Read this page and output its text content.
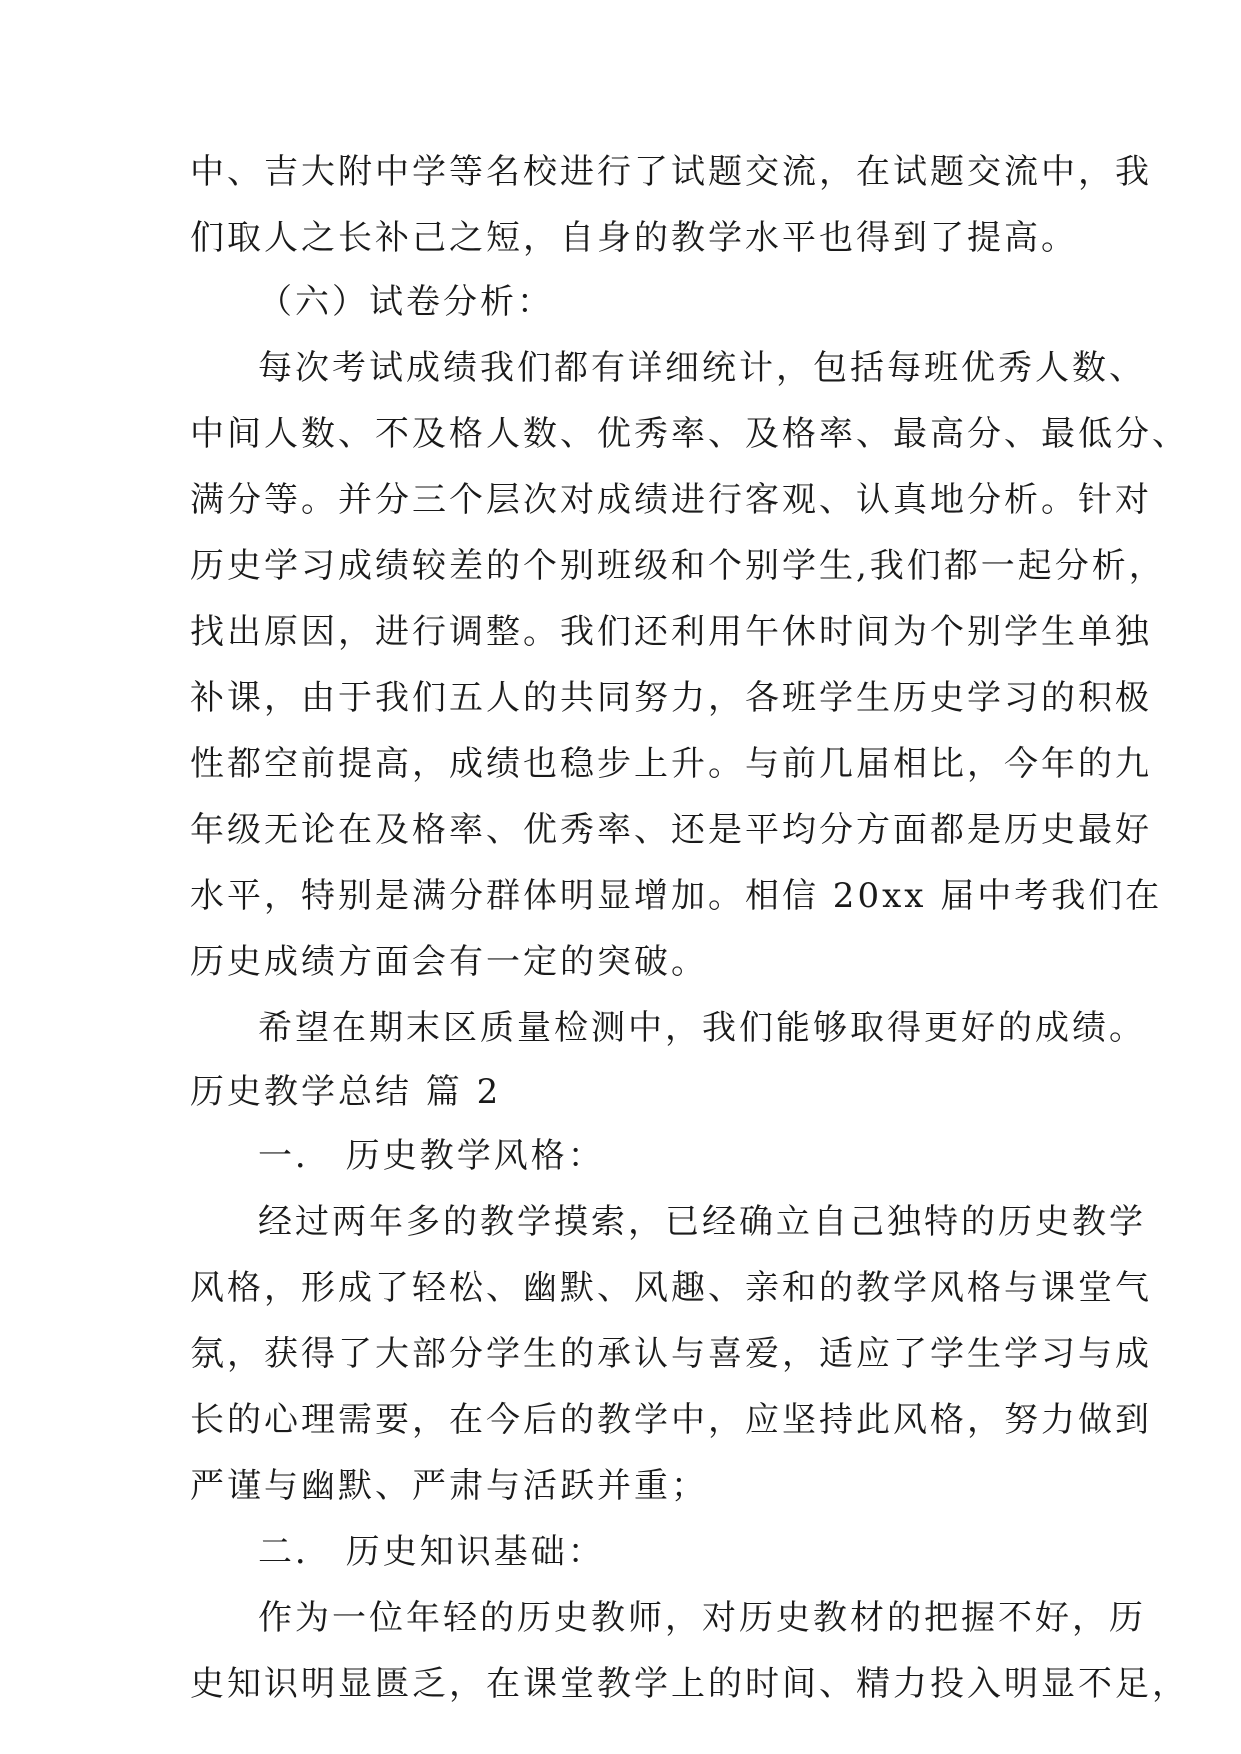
中、吉大附中学等名校进行了试题交流，在试题交流中，我
们取人之长补己之短，自身的教学水平也得到了提高。
（六）试卷分析：
每次考试成绩我们都有详细统计，包括每班优秀人数、
中间人数、不及格人数、优秀率、及格率、最高分、最低分、
满分等。并分三个层次对成绩进行客观、认真地分析。针对
历史学习成绩较差的个别班级和个别学生,我们都一起分析，
找出原因，进行调整。我们还利用午休时间为个别学生单独
补课，由于我们五人的共同努力，各班学生历史学习的积极
性都空前提高，成绩也稳步上升。与前几届相比，今年的九
年级无论在及格率、优秀率、还是平均分方面都是历史最好
水平，特别是满分群体明显增加。相信 20xx 届中考我们在
历史成绩方面会有一定的突破。
希望在期末区质量检测中，我们能够取得更好的成绩。
历史教学总结 篇 2
一． 历史教学风格：
经过两年多的教学摸索，已经确立自己独特的历史教学
风格，形成了轻松、幽默、风趣、亲和的教学风格与课堂气
氛，获得了大部分学生的承认与喜爱，适应了学生学习与成
长的心理需要，在今后的教学中，应坚持此风格，努力做到
严谨与幽默、严肃与活跃并重；
二． 历史知识基础：
作为一位年轻的历史教师，对历史教材的把握不好，历
史知识明显匮乏，在课堂教学上的时间、精力投入明显不足，
